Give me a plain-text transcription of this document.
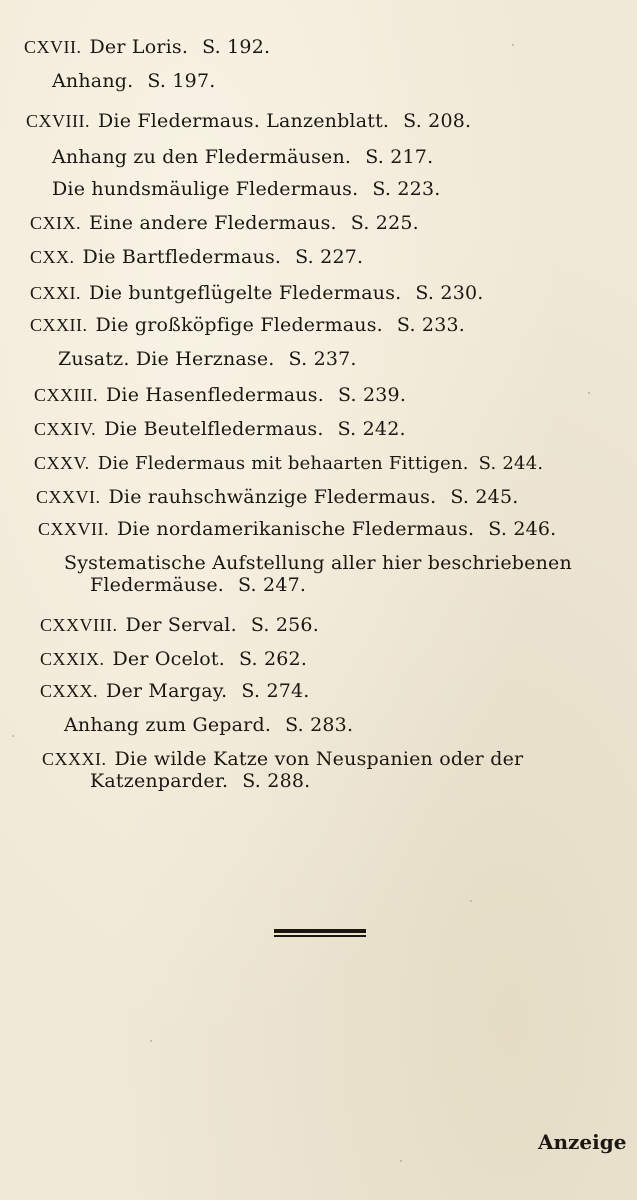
CXVII. Der Loris. S. 192.
Anhang. S. 197.
CXVIII. Die Fledermaus. Lanzenblatt. S. 208.
Anhang zu den Fledermäusen. S. 217.
Die hundsmäulige Fledermaus. S. 223.
CXIX. Eine andere Fledermaus. S. 225.
CXX. Die Bartfledermaus. S. 227.
CXXI. Die buntgeflügelte Fledermaus. S. 230.
CXXII. Die großköpfige Fledermaus. S. 233.
Zusatz. Die Herznase. S. 237.
CXXIII. Die Hasenfledermaus. S. 239.
CXXIV. Die Beutelfledermaus. S. 242.
CXXV. Die Fledermaus mit behaarten Fittigen. S. 244.
CXXVI. Die rauhschwänzige Fledermaus. S. 245.
CXXVII. Die nordamerikanische Fledermaus. S. 246.
Systematische Aufstellung aller hier beschriebenen Fledermäuse. S. 247.
CXXVIII. Der Serval. S. 256.
CXXIX. Der Ocelot. S. 262.
CXXX. Der Margay. S. 274.
Anhang zum Gepard. S. 283.
CXXXI. Die wilde Katze von Neuspanien oder der Katzenparder. S. 288.
Anzeige
